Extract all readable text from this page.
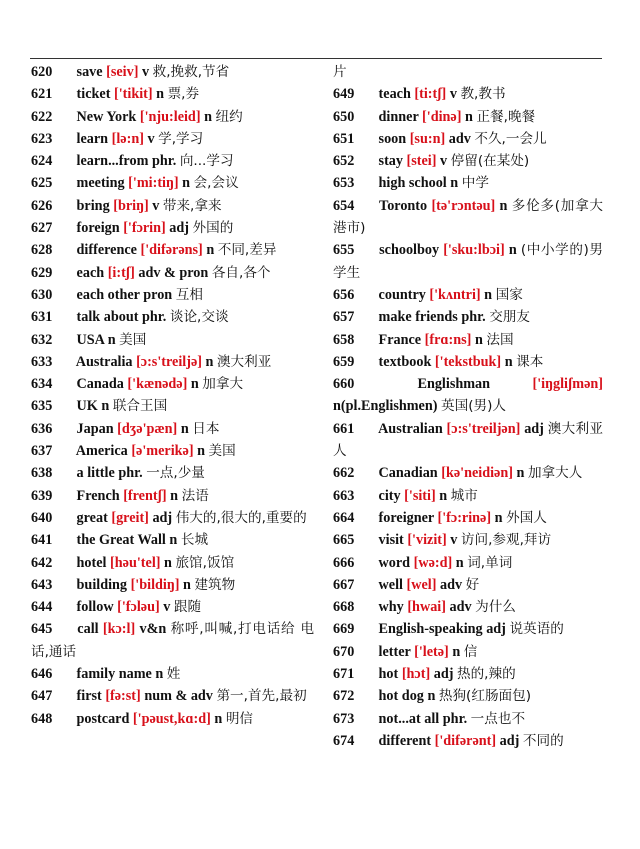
620 save [seiv] v 救,挽救,节省
621 ticket ['tikit] n 票,券
622 New York ['nju:leid] n 纽约
623 learn [lə:n] v 学,学习
624 learn...from phr. 向...学习
625 meeting ['mi:tiŋ] n 会,会议
626 bring [briŋ] v 带来,拿来
627 foreign ['fɔrin] adj 外国的
628 difference ['difərəns] n 不同,差异
629 each [i:tʃ] adv & pron 各自,各个
630 each other pron 互相
631 talk about phr. 谈论,交谈
632 USA n 美国
633 Australia [ɔ:s'treiljə] n 澳大利亚
634 Canada ['kænədə] n 加拿大
635 UK n 联合王国
636 Japan [dʒə'pæn] n 日本
637 America [ə'merikə] n 美国
638 a little phr. 一点,少量
639 French [frentʃ] n 法语
640 great [greit] adj 伟大的,很大的,重要的
641 the Great Wall n 长城
642 hotel [həu'tel] n 旅馆,饭馆
643 building ['bildiŋ] n 建筑物
644 follow ['fɔləu] v 跟随
645 call [kɔ:l] v&n 称呼,叫喊,打电话给 电话,通话
646 family name n 姓
647 first [fə:st] num & adv 第一,首先,最初
648 postcard ['pəust,kɑ:d] n 明信
片
649 teach [ti:tʃ] v 教,教书
650 dinner ['dinə] n 正餐,晚餐
651 soon [su:n] adv 不久,一会儿
652 stay [stei] v 停留(在某处)
653 high school n 中学
654 Toronto [tə'rɔntəu] n 多伦多(加拿大港市)
655 schoolboy ['sku:lbɔi] n (中小学的)男学生
656 country ['kʌntri] n 国家
657 make friends phr. 交朋友
658 France [frɑ:ns] n 法国
659 textbook ['tekstbuk] n 课本
660	Englishman	['iŋgliʃmən] n(pl.Englishmen) 英国(男)人
661 Australian [ɔ:s'treiljən] adj 澳大利亚人
662 Canadian [kə'neidiən] n 加拿大人
663 city ['siti] n 城市
664 foreigner ['fɔ:rinə] n 外国人
665 visit ['vizit] v 访问,参观,拜访
666 word [wə:d] n 词,单词
667 well [wel] adv 好
668 why [hwai] adv 为什么
669 English-speaking adj 说英语的
670 letter ['letə] n 信
671 hot [hɔt] adj 热的,辣的
672 hot dog n 热狗(红肠面包)
673 not...at all phr. 一点也不
674 different ['difərənt] adj 不同的
